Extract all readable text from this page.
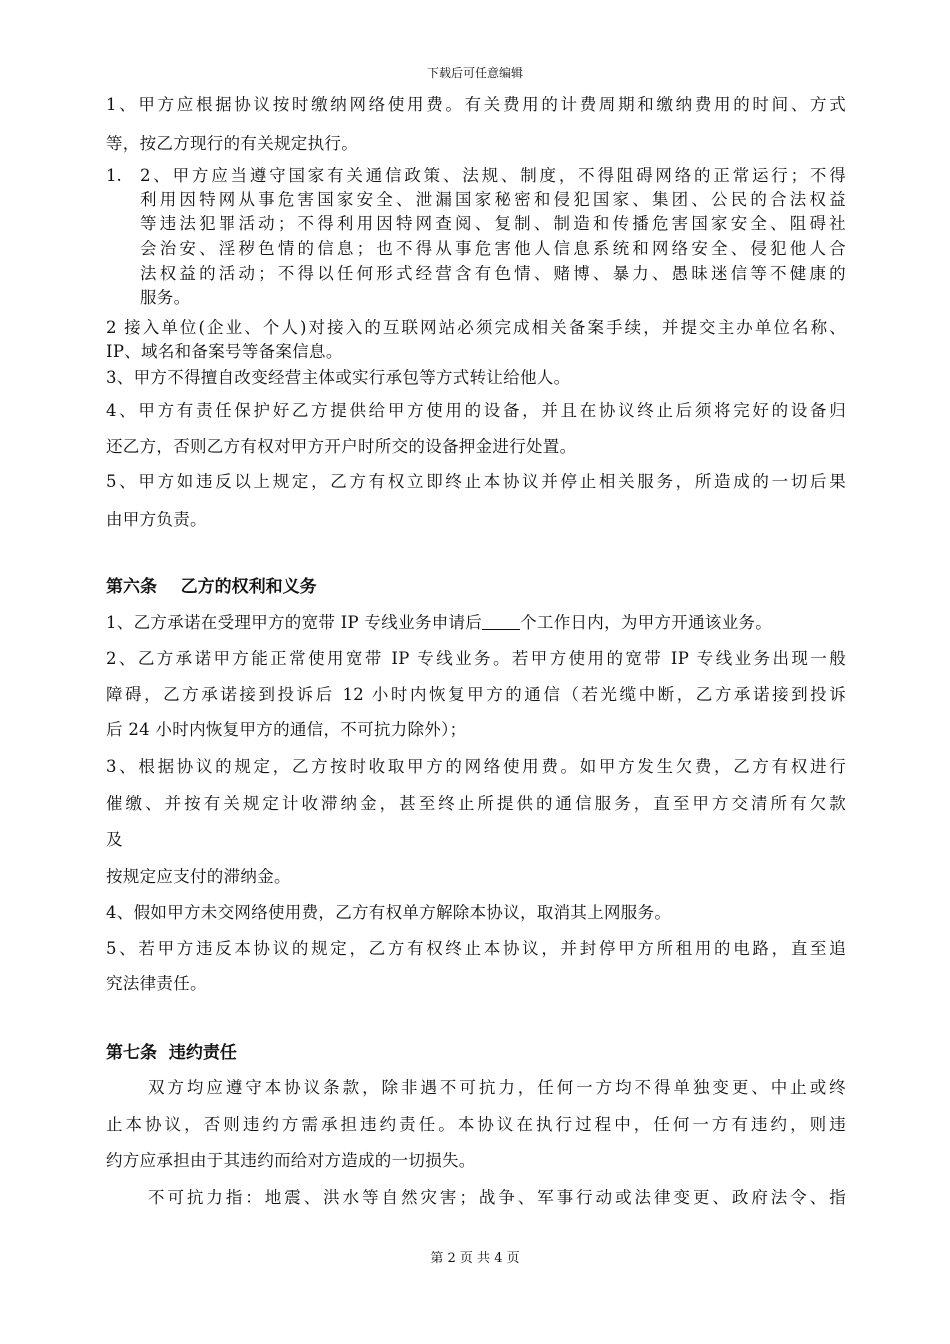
下载后可任意编辑
1、甲方应根据协议按时缴纳网络使用费。有关费用的计费周期和缴纳费用的时间、方式
等，按乙方现行的有关规定执行。
1. 2、甲方应当遵守国家有关通信政策、法规、制度，不得阻碍网络的正常运行；不得
利用因特网从事危害国家安全、泄漏国家秘密和侵犯国家、集团、公民的合法权益
等违法犯罪活动；不得利用因特网查阅、复制、制造和传播危害国家安全、阻碍社
会治安、淫秽色情的信息；也不得从事危害他人信息系统和网络安全、侵犯他人合
法权益的活动；不得以任何形式经营含有色情、赌博、暴力、愚昧迷信等不健康的
服务。
2 接入单位(企业、个人)对接入的互联网站必须完成相关备案手续，并提交主办单位名称、
IP、域名和备案号等备案信息。
3、甲方不得擅自改变经营主体或实行承包等方式转让给他人。
4、甲方有责任保护好乙方提供给甲方使用的设备，并且在协议终止后须将完好的设备归
还乙方，否则乙方有权对甲方开户时所交的设备押金进行处置。
5、甲方如违反以上规定，乙方有权立即终止本协议并停止相关服务，所造成的一切后果
由甲方负责。
第六条    乙方的权利和义务
1、乙方承诺在受理甲方的宽带 IP 专线业务申请后 个工作日内，为甲方开通该业务。
2、乙方承诺甲方能正常使用宽带 IP 专线业务。若甲方使用的宽带 IP 专线业务出现一般
障碍，乙方承诺接到投诉后 12 小时内恢复甲方的通信（若光缆中断，乙方承诺接到投诉
后 24 小时内恢复甲方的通信，不可抗力除外）；
3、根据协议的规定，乙方按时收取甲方的网络使用费。如甲方发生欠费，乙方有权进行
催缴、并按有关规定计收滞纳金，甚至终止所提供的通信服务，直至甲方交清所有欠款
及
按规定应支付的滞纳金。
4、假如甲方未交网络使用费，乙方有权单方解除本协议，取消其上网服务。
5、若甲方违反本协议的规定，乙方有权终止本协议，并封停甲方所租用的电路，直至追
究法律责任。
第七条  违约责任
双方均应遵守本协议条款，除非遇不可抗力，任何一方均不得单独变更、中止或终
止本协议，否则违约方需承担违约责任。本协议在执行过程中，任何一方有违约，则违
约方应承担由于其违约而给对方造成的一切损失。
不可抗力指：地震、洪水等自然灾害；战争、军事行动或法律变更、政府法令、指
第 2 页 共 4 页
